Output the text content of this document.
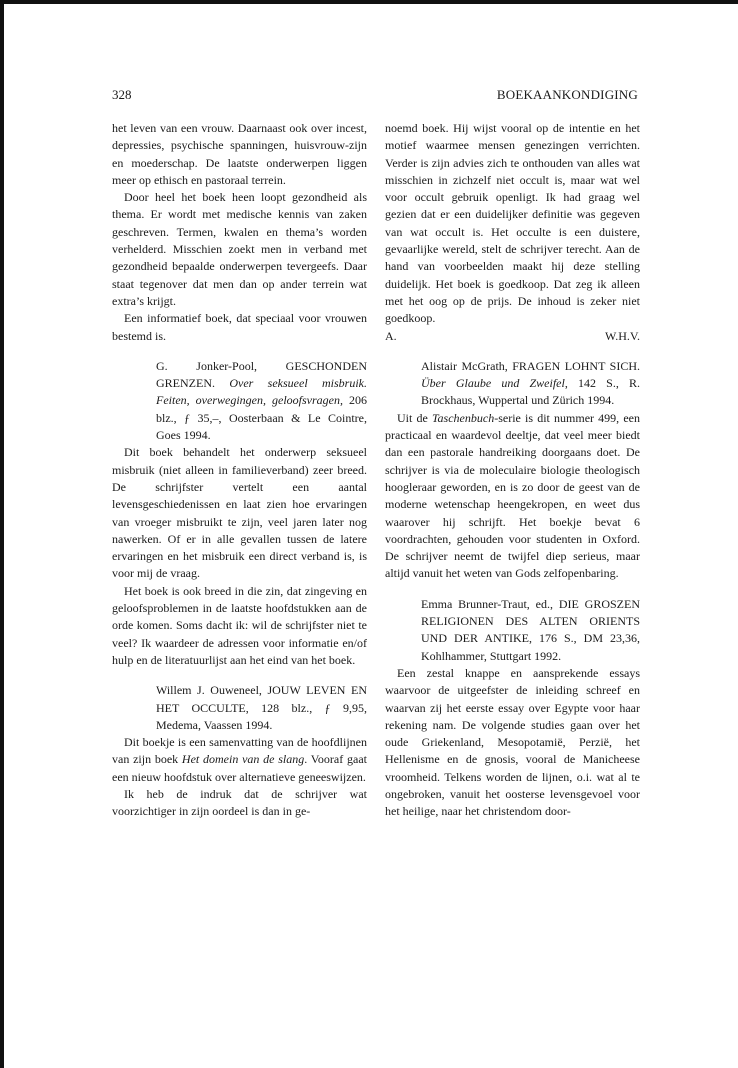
328	BOEKAANKONDIGING

het leven van een vrouw. Daarnaast ook over incest, depressies, psychische spanningen, huisvrouw-zijn en moederschap. De laatste onderwerpen liggen meer op ethisch en pastoraal terrein.

Door heel het boek heen loopt gezondheid als thema. Er wordt met medische kennis van zaken geschreven. Termen, kwalen en thema’s worden verhelderd. Misschien zoekt men in verband met gezondheid bepaalde onderwerpen tevergeefs. Daar staat tegenover dat men dan op ander terrein wat extra’s krijgt.

Een informatief boek, dat speciaal voor vrouwen bestemd is.

G. Jonker-Pool, GESCHONDEN GRENZEN. Over seksueel misbruik. Feiten, overwegingen, geloofsvragen, 206 blz., ƒ 35,–, Oosterbaan & Le Cointre, Goes 1994.

Dit boek behandelt het onderwerp seksueel misbruik (niet alleen in familieverband) zeer breed. De schrijfster vertelt een aantal levensgeschiedenissen en laat zien hoe ervaringen van vroeger misbruikt te zijn, veel jaren later nog nawerken. Of er in alle gevallen tussen de latere ervaringen en het misbruik een direct verband is, is voor mij de vraag.

Het boek is ook breed in die zin, dat zingeving en geloofsproblemen in de laatste hoofdstukken aan de orde komen. Soms dacht ik: wil de schrijfster niet te veel? Ik waardeer de adressen voor informatie en/of hulp en de literatuurlijst aan het eind van het boek.

Willem J. Ouweneel, JOUW LEVEN EN HET OCCULTE, 128 blz., ƒ 9,95, Medema, Vaassen 1994.

Dit boekje is een samenvatting van de hoofdlijnen van zijn boek Het domein van de slang. Vooraf gaat een nieuw hoofdstuk over alternatieve geneeswijzen.

Ik heb de indruk dat de schrijver wat voorzichtiger in zijn oordeel is dan in ge-

noemd boek. Hij wijst vooral op de intentie en het motief waarmee mensen genezingen verrichten. Verder is zijn advies zich te onthouden van alles wat misschien in zichzelf niet occult is, maar wat wel voor occult gebruik openligt. Ik had graag wel gezien dat er een duidelijker definitie was gegeven van wat occult is. Het occulte is een duistere, gevaarlijke wereld, stelt de schrijver terecht. Aan de hand van voorbeelden maakt hij deze stelling duidelijk. Het boek is goedkoop. Dat zeg ik alleen met het oog op de prijs. De inhoud is zeker niet goedkoop.

A.	W.H.V.

Alistair McGrath, FRAGEN LOHNT SICH. Über Glaube und Zweifel, 142 S., R. Brockhaus, Wuppertal und Zürich 1994.

Uit de Taschenbuch-serie is dit nummer 499, een practicaal en waardevol deeltje, dat veel meer biedt dan een pastorale handreiking doorgaans doet. De schrijver is via de moleculaire biologie theologisch hoogleraar geworden, en is zo door de geest van de moderne wetenschap heengekropen, en weet dus waarover hij schrijft. Het boekje bevat 6 voordrachten, gehouden voor studenten in Oxford. De schrijver neemt de twijfel diep serieus, maar altijd vanuit het weten van Gods zelfopenbaring.

Emma Brunner-Traut, ed., DIE GROSZEN RELIGIONEN DES ALTEN ORIENTS UND DER ANTIKE, 176 S., DM 23,36, Kohlhammer, Stuttgart 1992.

Een zestal knappe en aansprekende essays waarvoor de uitgeefster de inleiding schreef en waarvan zij het eerste essay over Egypte voor haar rekening nam. De volgende studies gaan over het oude Griekenland, Mesopotamië, Perzië, het Hellenisme en de gnosis, vooral de Manicheese vroomheid. Telkens worden de lijnen, o.i. wat al te ongebroken, vanuit het oosterse levensgevoel voor het heilige, naar het christendom door-
